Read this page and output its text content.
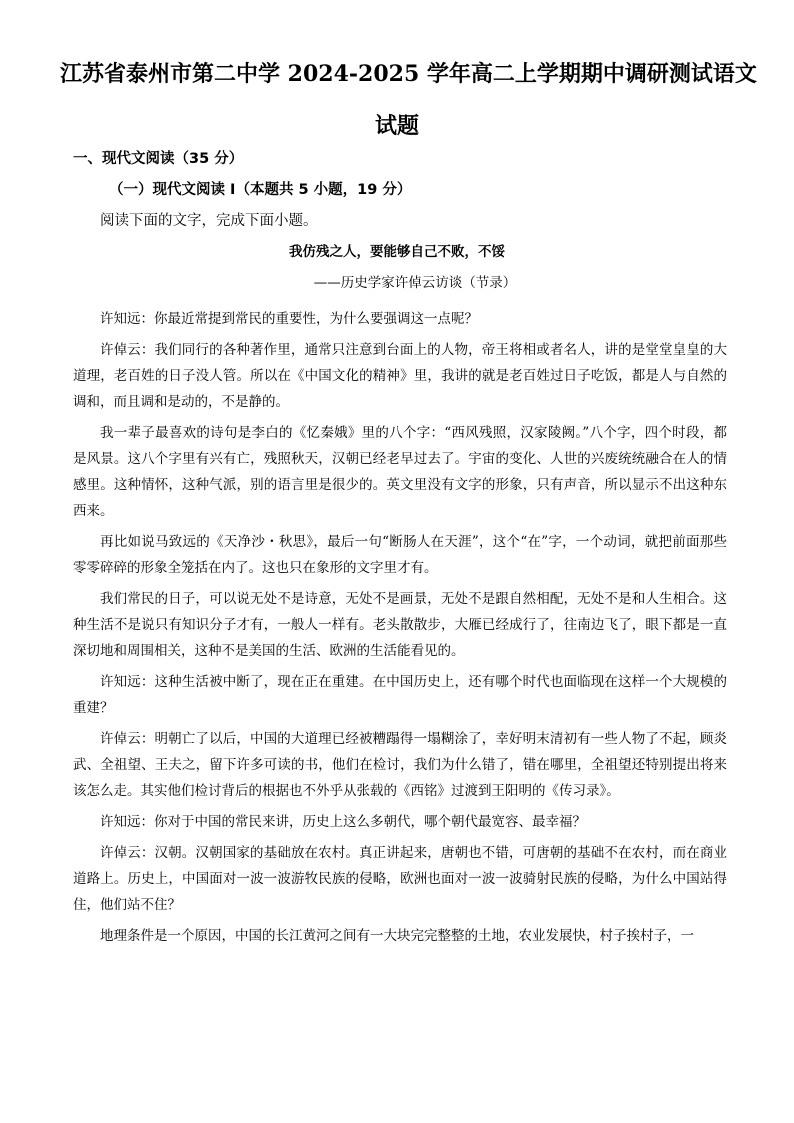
江苏省泰州市第二中学 2024-2025 学年高二上学期期中调研测试语文
试题
一、现代文阅读（35 分）
（一）现代文阅读 I（本题共 5 小题，19 分）
阅读下面的文字，完成下面小题。
我仿残之人，要能够自己不败，不馁
——历史学家许倬云访谈（节录）

许知远：你最近常提到常民的重要性，为什么要强调这一点呢？

许倬云：我们同行的各种著作里，通常只注意到台面上的人物，帝王将相或者名人，讲的是堂堂皇皇的大道理，老百姓的日子没人管。所以在《中国文化的精神》里，我讲的就是老百姓过日子吃饭，都是人与自然的调和，而且调和是动的，不是静的。

我一辈子最喜欢的诗句是李白的《忆秦娥》里的八个字：“西风残照，汉家陵阙。”八个字，四个时段，都是风景。这八个字里有兴有亡，残照秋天，汉朝已经老早过去了。宇宙的变化、人世的兴废统统融合在人的情感里。这种情怀，这种气派，别的语言里是很少的。英文里没有文字的形象，只有声音，所以显示不出这种东西来。

再比如说马致远的《天净沙・秋思》，最后一句“断肠人在天涯”，这个“在”字，一个动词，就把前面那些零零碎碎的形象全笼括在内了。这也只在象形的文字里才有。

我们常民的日子，可以说无处不是诗意，无处不是画景，无处不是跟自然相配，无处不是和人生相合。这种生活不是说只有知识分子才有，一般人一样有。老头散散步，大雁已经成行了，往南边飞了，眼下都是一直深切地和周围相关，这种不是美国的生活、欧洲的生活能看见的。

许知远：这种生活被中断了，现在正在重建。在中国历史上，还有哪个时代也面临现在这样一个大规模的重建？

许倬云：明朝亡了以后，中国的大道理已经被糟蹋得一塌糊涂了，幸好明末清初有一些人物了不起，顾炎武、全祖望、王夫之，留下许多可读的书，他们在检讨，我们为什么错了，错在哪里，全祖望还特别提出将来该怎么走。其实他们检讨背后的根据也不外乎从张载的《西铭》过渡到王阳明的《传习录》。

许知远：你对于中国的常民来讲，历史上这么多朝代，哪个朝代最宽容、最幸福？

许倬云：汉朝。汉朝国家的基础放在农村。真正讲起来，唐朝也不错，可唐朝的基础不在农村，而在商业道路上。历史上，中国面对一波一波游牧民族的侵略，欧洲也面对一波一波骑射民族的侵略，为什么中国站得住，他们站不住？

地理条件是一个原因，中国的长江黄河之间有一大块完完整整的土地，农业发展快，村子挨村子，一
